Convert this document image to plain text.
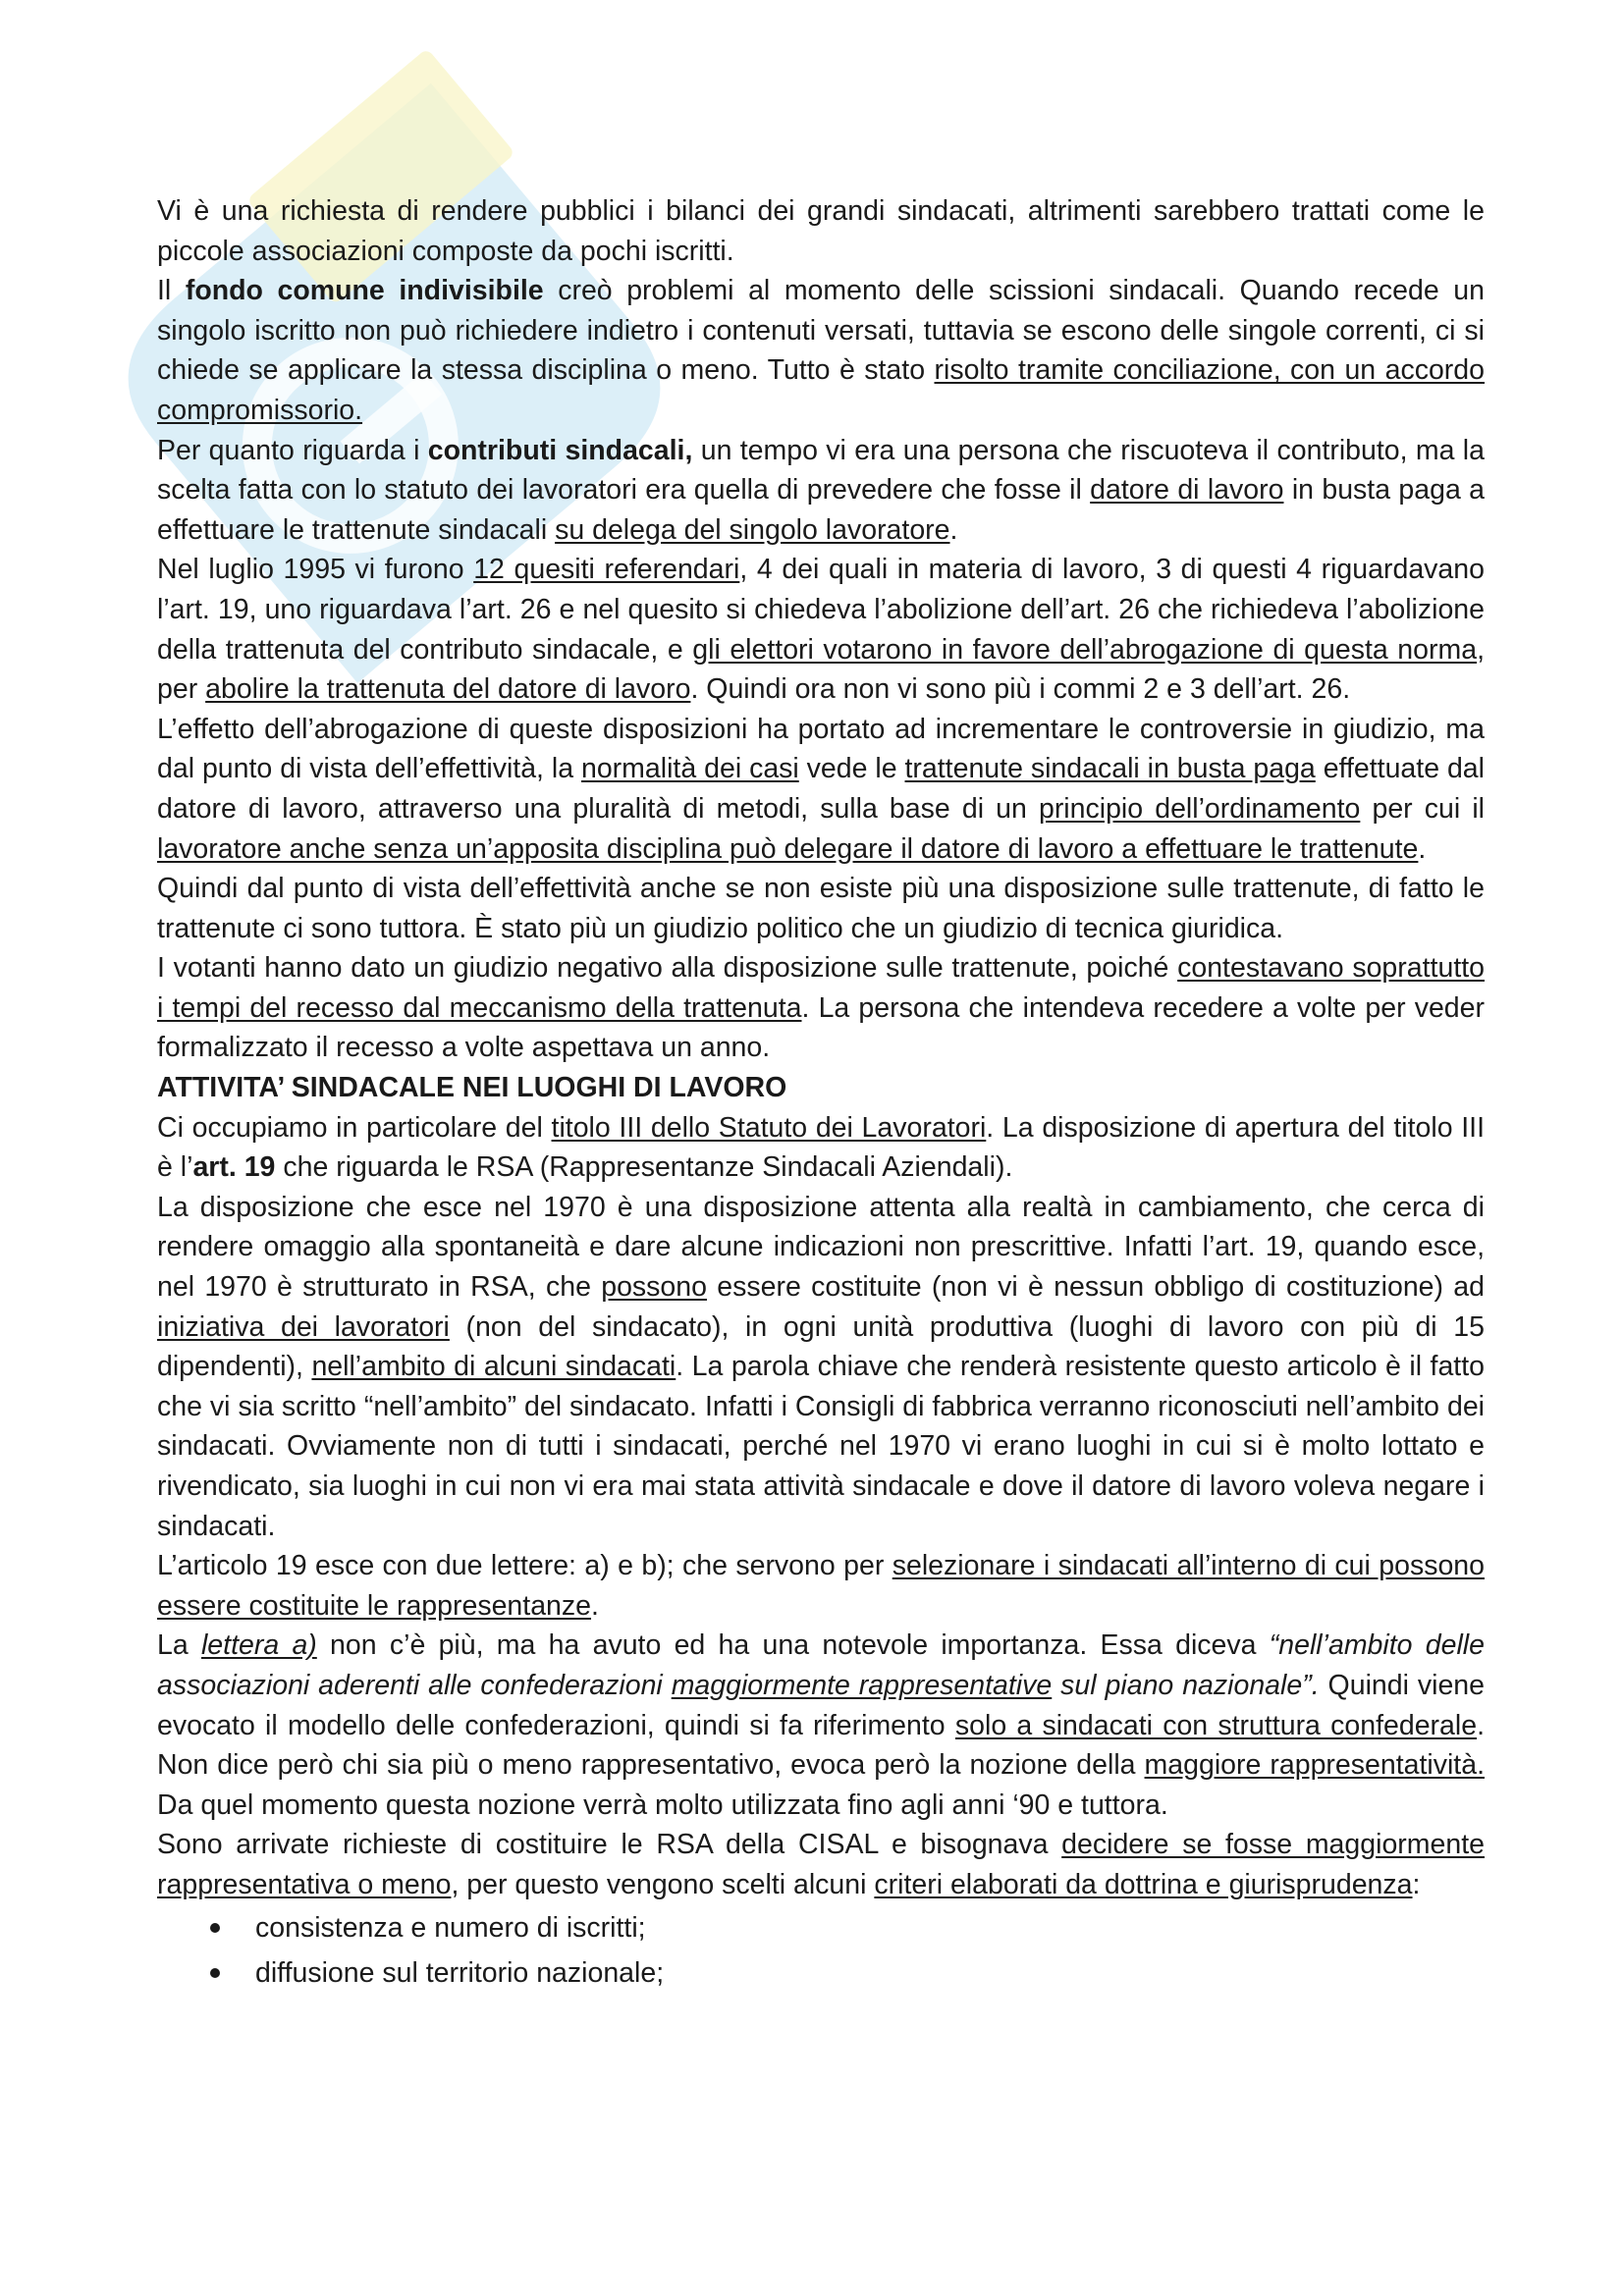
Vi è una richiesta di rendere pubblici i bilanci dei grandi sindacati, altrimenti sarebbero trattati come le piccole associazioni composte da pochi iscritti.

Il fondo comune indivisibile creò problemi al momento delle scissioni sindacali. Quando recede un singolo iscritto non può richiedere indietro i contenuti versati, tuttavia se escono delle singole correnti, ci si chiede se applicare la stessa disciplina o meno. Tutto è stato risolto tramite conciliazione, con un accordo compromissorio.

Per quanto riguarda i contributi sindacali, un tempo vi era una persona che riscuoteva il contributo, ma la scelta fatta con lo statuto dei lavoratori era quella di prevedere che fosse il datore di lavoro in busta paga a effettuare le trattenute sindacali su delega del singolo lavoratore.

Nel luglio 1995 vi furono 12 quesiti referendari, 4 dei quali in materia di lavoro, 3 di questi 4 riguardavano l’art. 19, uno riguardava l’art. 26 e nel quesito si chiedeva l’abolizione dell’art. 26 che richiedeva l’abolizione della trattenuta del contributo sindacale, e gli elettori votarono in favore dell’abrogazione di questa norma, per abolire la trattenuta del datore di lavoro. Quindi ora non vi sono più i commi 2 e 3 dell’art. 26.

L’effetto dell’abrogazione di queste disposizioni ha portato ad incrementare le controversie in giudizio, ma dal punto di vista dell’effettività, la normalità dei casi vede le trattenute sindacali in busta paga effettuate dal datore di lavoro, attraverso una pluralità di metodi, sulla base di un principio dell’ordinamento per cui il lavoratore anche senza un’apposita disciplina può delegare il datore di lavoro a effettuare le trattenute.

Quindi dal punto di vista dell’effettività anche se non esiste più una disposizione sulle trattenute, di fatto le trattenute ci sono tuttora. È stato più un giudizio politico che un giudizio di tecnica giuridica.

I votanti hanno dato un giudizio negativo alla disposizione sulle trattenute, poiché contestavano soprattutto i tempi del recesso dal meccanismo della trattenuta. La persona che intendeva recedere a volte per veder formalizzato il recesso a volte aspettava un anno.

ATTIVITA’ SINDACALE NEI LUOGHI DI LAVORO

Ci occupiamo in particolare del titolo III dello Statuto dei Lavoratori. La disposizione di apertura del titolo III è l’art. 19 che riguarda le RSA (Rappresentanze Sindacali Aziendali).

La disposizione che esce nel 1970 è una disposizione attenta alla realtà in cambiamento, che cerca di rendere omaggio alla spontaneità e dare alcune indicazioni non prescrittive. Infatti l’art. 19, quando esce, nel 1970 è strutturato in RSA, che possono essere costituite (non vi è nessun obbligo di costituzione) ad iniziativa dei lavoratori (non del sindacato), in ogni unità produttiva (luoghi di lavoro con più di 15 dipendenti), nell’ambito di alcuni sindacati. La parola chiave che renderà resistente questo articolo è il fatto che vi sia scritto “nell’ambito” del sindacato. Infatti i Consigli di fabbrica verranno riconosciuti nell’ambito dei sindacati. Ovviamente non di tutti i sindacati, perché nel 1970 vi erano luoghi in cui si è molto lottato e rivendicato, sia luoghi in cui non vi era mai stata attività sindacale e dove il datore di lavoro voleva negare i sindacati.

L’articolo 19 esce con due lettere: a) e b); che servono per selezionare i sindacati all’interno di cui possono essere costituite le rappresentanze.

La lettera a) non c’è più, ma ha avuto ed ha una notevole importanza. Essa diceva “nell’ambito delle associazioni aderenti alle confederazioni maggiormente rappresentative sul piano nazionale”. Quindi viene evocato il modello delle confederazioni, quindi si fa riferimento solo a sindacati con struttura confederale. Non dice però chi sia più o meno rappresentativo, evoca però la nozione della maggiore rappresentatività. Da quel momento questa nozione verrà molto utilizzata fino agli anni ‘90 e tuttora.

Sono arrivate richieste di costituire le RSA della CISAL e bisognava decidere se fosse maggiormente rappresentativa o meno, per questo vengono scelti alcuni criteri elaborati da dottrina e giurisprudenza:

consistenza e numero di iscritti;
diffusione sul territorio nazionale;
